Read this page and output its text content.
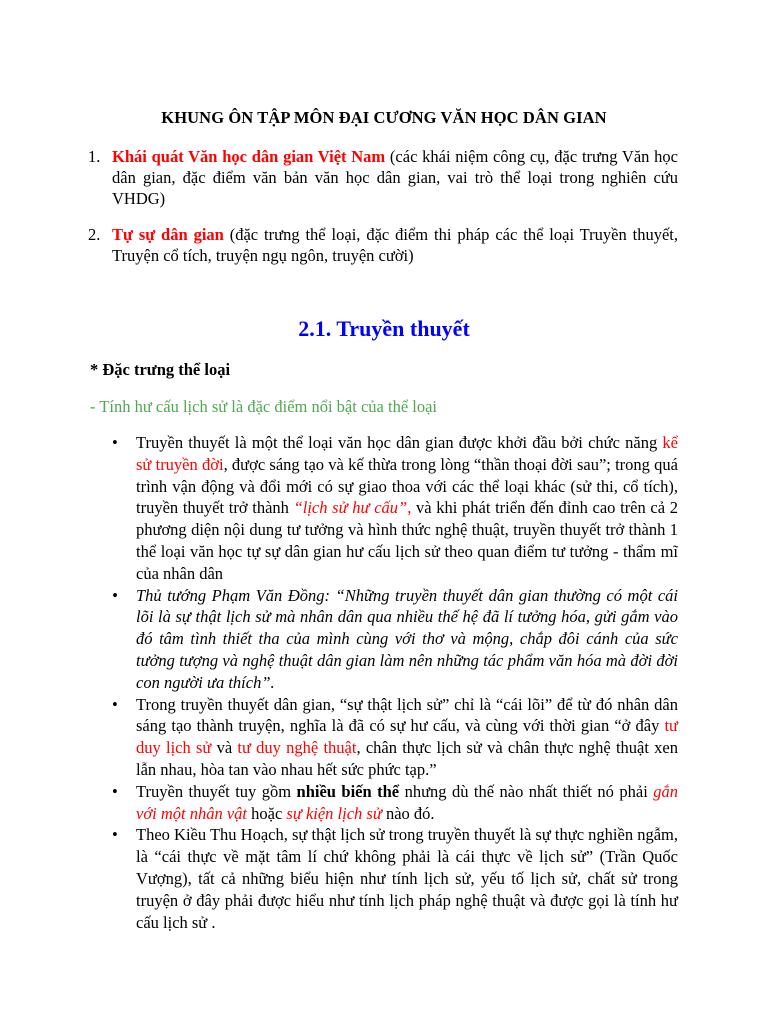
KHUNG ÔN TẬP MÔN ĐẠI CƯƠNG VĂN HỌC DÂN GIAN
1. Khái quát Văn học dân gian Việt Nam (các khái niệm công cụ, đặc trưng Văn học dân gian, đặc điểm văn bản văn học dân gian, vai trò thể loại trong nghiên cứu VHDG)
2. Tự sự dân gian (đặc trưng thể loại, đặc điểm thi pháp các thể loại Truyền thuyết, Truyện cổ tích, truyện ngụ ngôn, truyện cười)
2.1. Truyền thuyết
* Đặc trưng thể loại
- Tính hư cấu lịch sử là đặc điểm nổi bật của thể loại
• Truyền thuyết là một thể loại văn học dân gian được khởi đầu bởi chức năng kể sử truyền đời, được sáng tạo và kế thừa trong lòng “thần thoại đời sau”; trong quá trình vận động và đổi mới có sự giao thoa với các thể loại khác (sử thi, cổ tích), truyền thuyết trở thành “lịch sử hư cấu”, và khi phát triển đến đỉnh cao trên cả 2 phương diện nội dung tư tưởng và hình thức nghệ thuật, truyền thuyết trở thành 1 thể loại văn học tự sự dân gian hư cấu lịch sử theo quan điểm tư tưởng - thẩm mĩ của nhân dân
• Thủ tướng Phạm Văn Đồng: “Những truyền thuyết dân gian thường có một cái lõi là sự thật lịch sử mà nhân dân qua nhiều thế hệ đã lí tưởng hóa, gửi gắm vào đó tâm tình thiết tha của mình cùng với thơ và mộng, chắp đôi cánh của sức tưởng tượng và nghệ thuật dân gian làm nên những tác phẩm văn hóa mà đời đời con người ưa thích”.
• Trong truyền thuyết dân gian, “sự thật lịch sử” chỉ là “cái lõi” để từ đó nhân dân sáng tạo thành truyện, nghĩa là đã có sự hư cấu, và cùng với thời gian “ở đây tư duy lịch sử và tư duy nghệ thuật, chân thực lịch sử và chân thực nghệ thuật xen lẫn nhau, hòa tan vào nhau hết sức phức tạp.”
• Truyền thuyết tuy gồm nhiều biến thể nhưng dù thế nào nhất thiết nó phải gắn với một nhân vật hoặc sự kiện lịch sử nào đó.
• Theo Kiều Thu Hoạch, sự thật lịch sử trong truyền thuyết là sự thực nghiền ngẫm, là “cái thực về mặt tâm lí chứ không phải là cái thực về lịch sử” (Trần Quốc Vượng), tất cả những biểu hiện như tính lịch sử, yếu tố lịch sử, chất sử trong truyện ở đây phải được hiểu như tính lịch pháp nghệ thuật và được gọi là tính hư cấu lịch sử .
